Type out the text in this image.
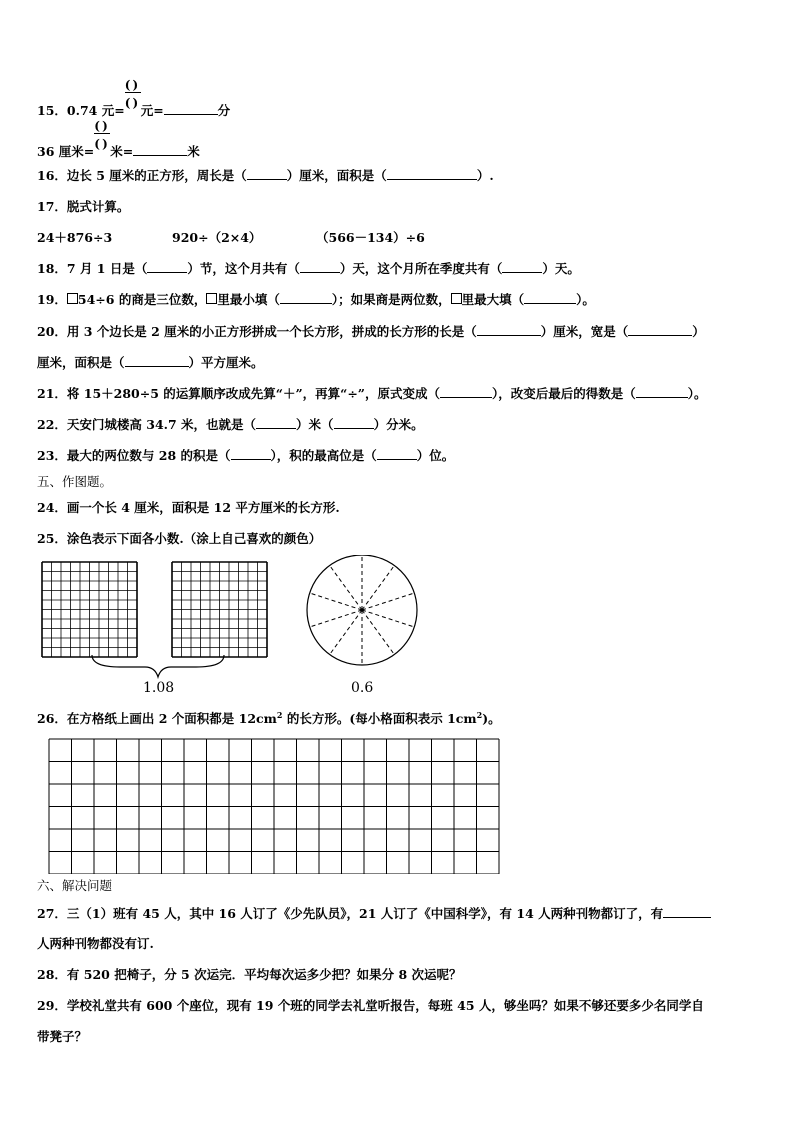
15．0.74 元= $\frac{( )}{( )}$ 元=	分
36 厘米= $\frac{( )}{( )}$ 米=	米
16．边长 5 厘米的正方形，周长是（	）厘米，面积是（	）.
17．脱式计算。
24＋876÷3	920÷（2×4）	（566－134）÷6
18．7 月 1 日是（	）节，这个月共有（	）天，这个月所在季度共有（	）天。
19． 54÷6 的商是三位数， 里最小填（	）；如果商是两位数， 里最大填（	）。
20．用 3 个边长是 2 厘米的小正方形拼成一个长方形，拼成的长方形的长是（	）厘米，宽是（	）
厘米，面积是（	）平方厘米。
21．将 15＋280÷5 的运算顺序改成先算“＋”，再算“÷”，原式变成（	），改变后最后的得数是（	）。
22．天安门城楼高 34.7 米，也就是（	）米（	）分米。
23．最大的两位数与 28 的积是（	），积的最高位是（	）位。
五、作图题。
24．画一个长 4 厘米，面积是 12 平方厘米的长方形.
25．涂色表示下面各小数.（涂上自己喜欢的颜色）
1.08	0.6
26．在方格纸上画出 2 个面积都是 $12cm^2$ 的长方形。(每小格面积表示 $1cm^2$)。
六、解决问题
27．三（1）班有 45 人，其中 16 人订了《少先队员》，21 人订了《中国科学》，有 14 人两种刊物都订了，有
人两种刊物都没有订.
28．有 520 把椅子，分 5 次运完．平均每次运多少把？如果分 8 次运呢？
29．学校礼堂共有 600 个座位，现有 19 个班的同学去礼堂听报告，每班 45 人，够坐吗？如果不够还要多少名同学自
带凳子？
